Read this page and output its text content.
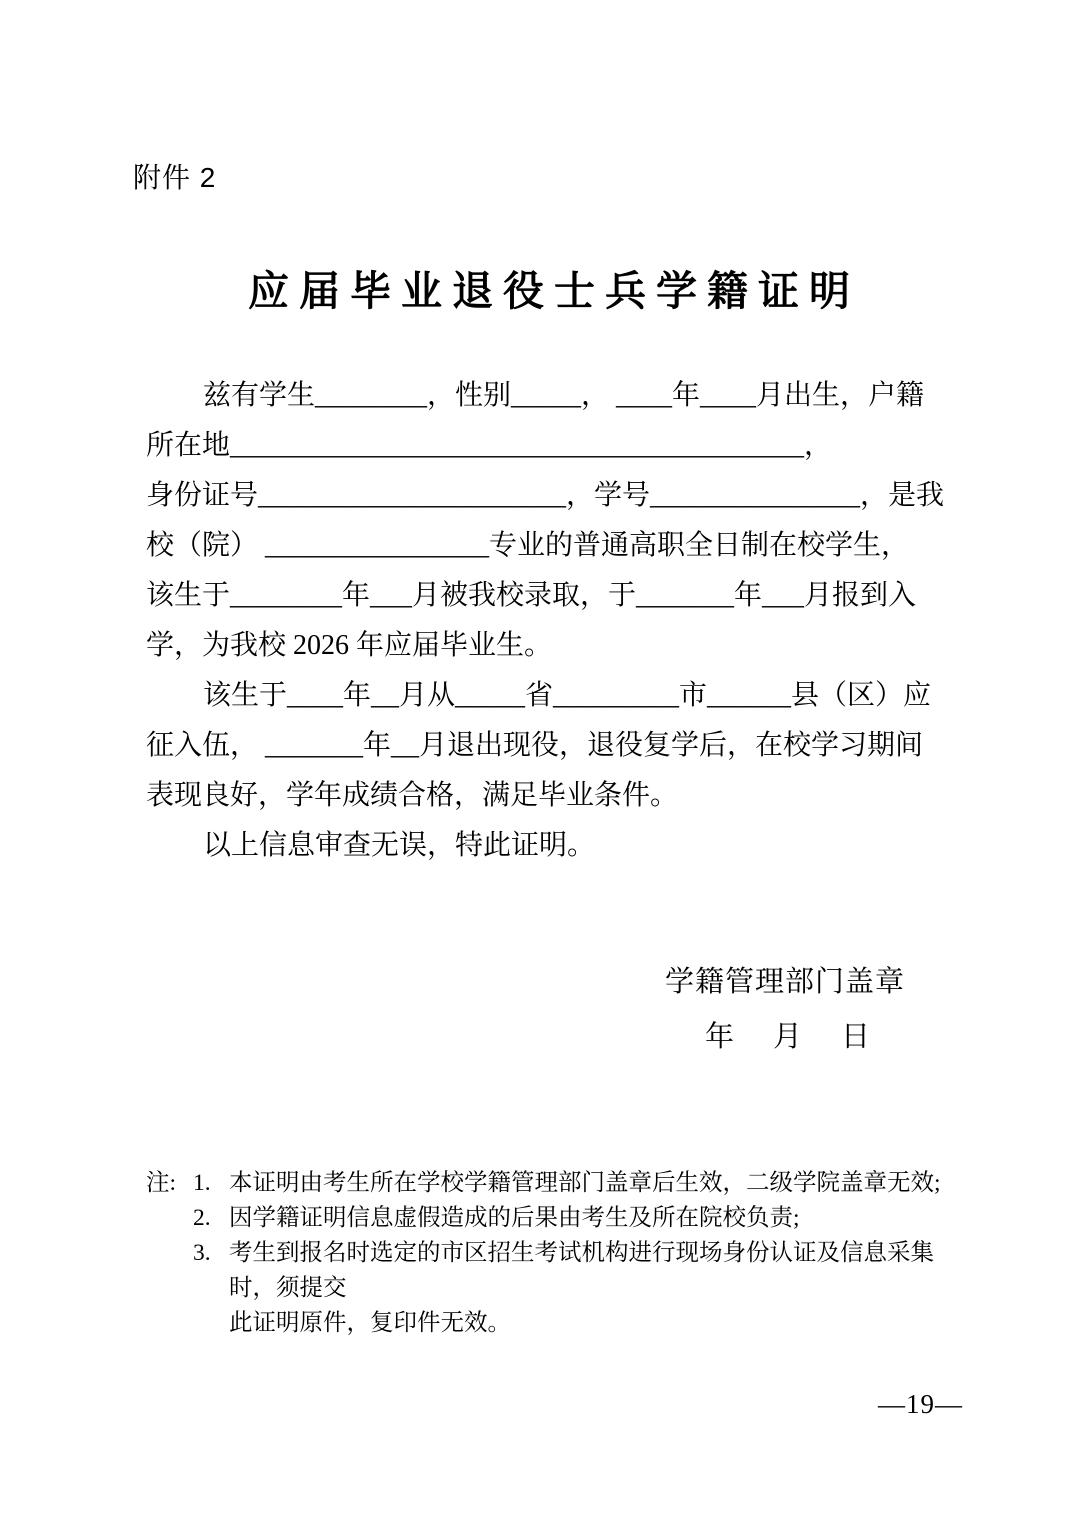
附件 2
应届毕业退役士兵学籍证明
兹有学生________，性别_____， ____年____月出生，户籍
所在地_________________________________________，
身份证号______________________，学号_______________，是我
校（院） ________________专业的普通高职全日制在校学生，
该生于________年___月被我校录取，于_______年___月报到入
学，为我校 2026 年应届毕业生。
该生于____年__月从_____省_________市______县（区）应
征入伍， _______年__月退出现役，退役复学后，在校学习期间
表现良好，学年成绩合格，满足毕业条件。
以上信息审查无误，特此证明。
学籍管理部门盖章
年 月 日
注: 1. 本证明由考生所在学校学籍管理部门盖章后生效，二级学院盖章无效;
2. 因学籍证明信息虚假造成的后果由考生及所在院校负责;
3. 考生到报名时选定的市区招生考试机构进行现场身份认证及信息采集时，须提交
此证明原件，复印件无效。
—19—
